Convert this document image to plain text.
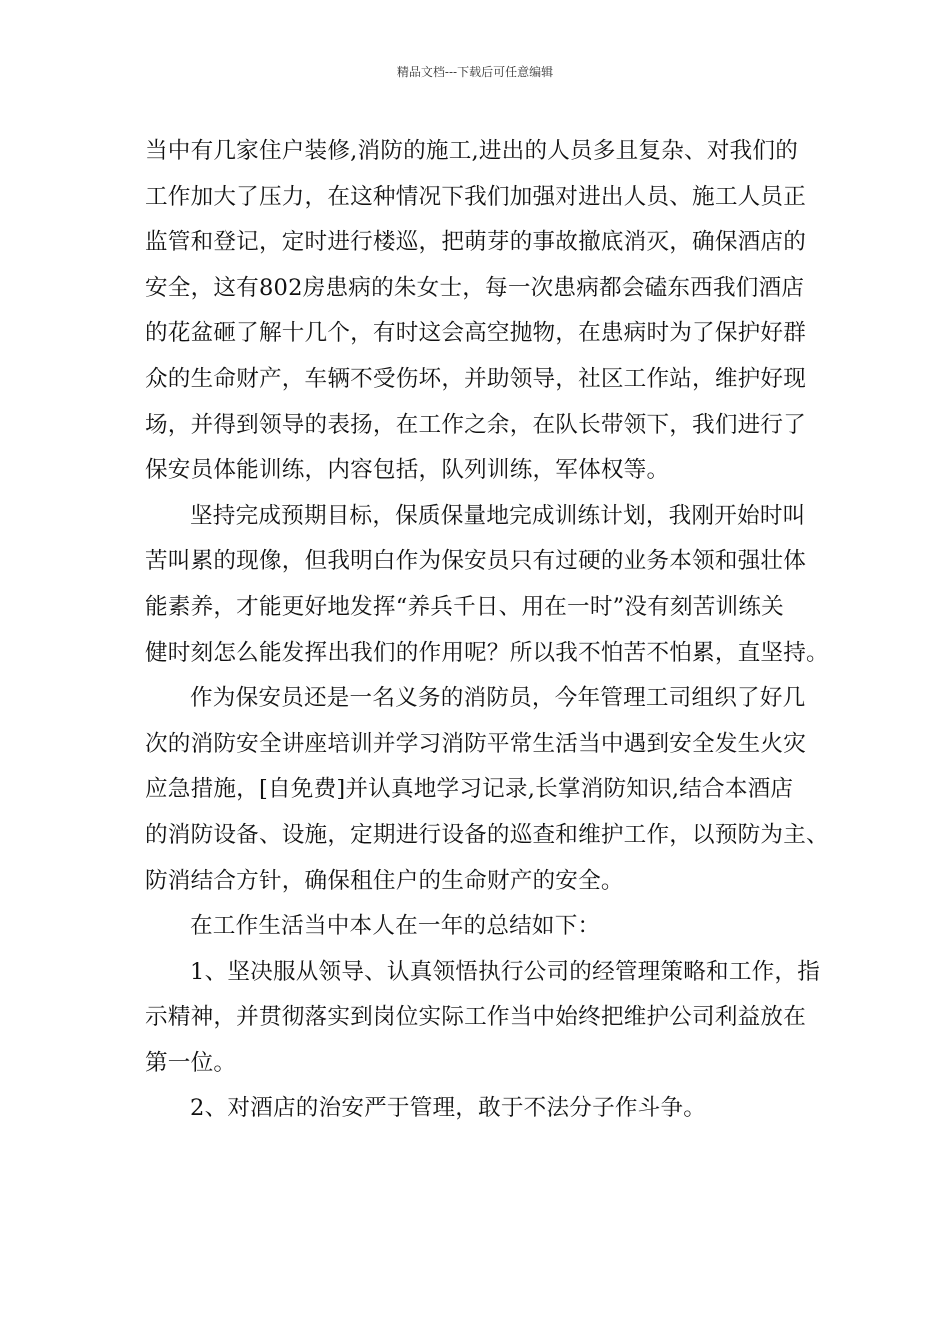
精品文档---下载后可任意编辑

当中有几家住户装修,消防的施工,进出的人员多且复杂、对我们的
工作加大了压力，在这种情况下我们加强对进出人员、施工人员正
监管和登记，定时进行楼巡，把萌芽的事故撤底消灭，确保酒店的
安全，这有802房患病的朱女士，每一次患病都会磕东西我们酒店
的花盆砸了解十几个，有时这会高空抛物，在患病时为了保护好群
众的生命财产，车辆不受伤坏，并助领导，社区工作站，维护好现
场，并得到领导的表扬，在工作之余，在队长带领下，我们进行了
保安员体能训练，内容包括，队列训练，军体权等。

坚持完成预期目标，保质保量地完成训练计划，我刚开始时叫
苦叫累的现像，但我明白作为保安员只有过硬的业务本领和强壮体
能素养，才能更好地发挥“养兵千日、用在一时”没有刻苦训练关
健时刻怎么能发挥出我们的作用呢？所以我不怕苦不怕累，直坚持。

作为保安员还是一名义务的消防员，今年管理工司组织了好几
次的消防安全讲座培训并学习消防平常生活当中遇到安全发生火灾
应急措施，[自免费]并认真地学习记录,长掌消防知识,结合本酒店
的消防设备、设施，定期进行设备的巡查和维护工作，以预防为主、
防消结合方针，确保租住户的生命财产的安全。

在工作生活当中本人在一年的总结如下：

1、坚决服从领导、认真领悟执行公司的经管理策略和工作，指
示精神，并贯彻落实到岗位实际工作当中始终把维护公司利益放在
第一位。

2、对酒店的治安严于管理，敢于不法分子作斗争。
